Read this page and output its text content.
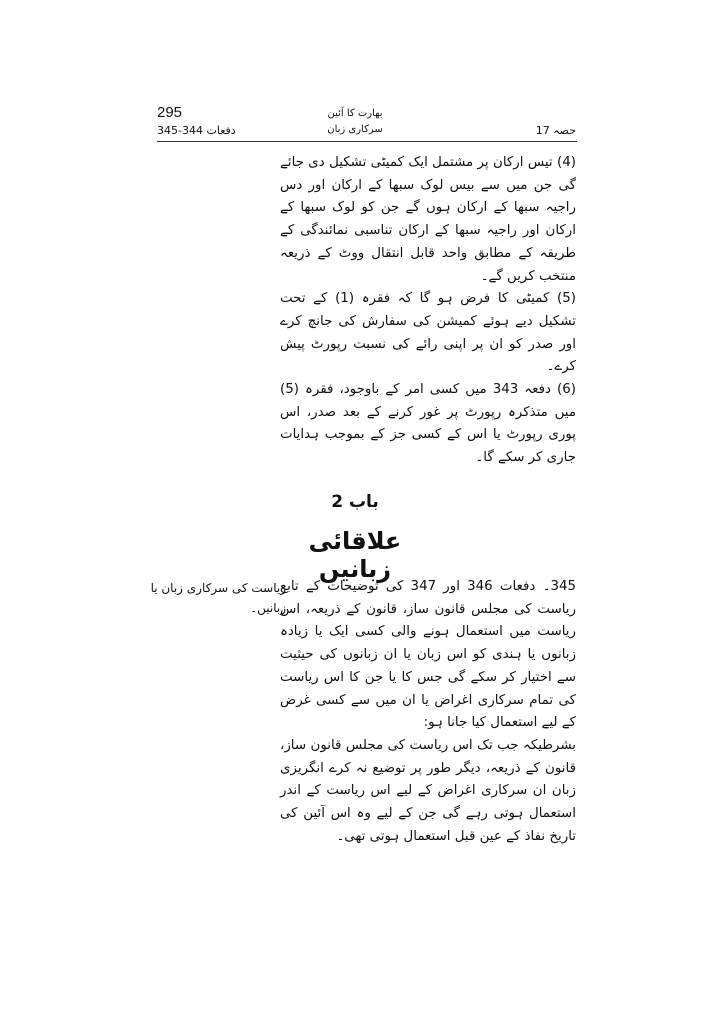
295	بھارت کا آئین
سرکاری زبان	حصہ 17
دفعات 344-345

(4) تیس ارکان پر مشتمل ایک کمیٹی تشکیل دی جائے گی جن میں سے بیس لوک سبھا کے ارکان اور دس راجیہ سبھا کے ارکان ہوں گے جن کو لوک سبھا کے ارکان اور راجیہ سبھا کے ارکان تناسبی نمائندگی کے طریقہ کے مطابق واحد قابل انتقال ووٹ کے ذریعہ منتخب کریں گے۔

(5) کمیٹی کا فرض ہو گا کہ فقرہ (1) کے تحت تشکیل دیے ہوئے کمیشن کی سفارش کی جانچ کرے اور صدر کو ان پر اپنی رائے کی نسبت رپورٹ پیش کرے۔

(6) دفعہ 343 میں کسی امر کے باوجود، فقرہ (5) میں متذکرہ رپورٹ پر غور کرنے کے بعد صدر، اس پوری رپورٹ یا اس کے کسی جز کے بموجب ہدایات جاری کر سکے گا۔

باب 2
علاقائی زبانیں
ریاست کی سرکاری زبان یا زبانیں۔

345۔ دفعات 346 اور 347 کی توضیحات کے تابع ریاست کی مجلس قانون ساز، قانون کے ذریعہ، اس ریاست میں استعمال ہونے والی کسی ایک یا زیادہ زبانوں یا ہندی کو اس زبان یا ان زبانوں کی حیثیت سے اختیار کر سکے گی جس کا یا جن کا اس ریاست کی تمام سرکاری اغراض یا ان میں سے کسی غرض کے لیے استعمال کیا جانا ہو:

بشرطیکہ جب تک اس ریاست کی مجلس قانون ساز، قانون کے ذریعہ، دیگر طور پر توضیع نہ کرے انگریزی زبان ان سرکاری اغراض کے لیے اس ریاست کے اندر استعمال ہوتی رہے گی جن کے لیے وہ اس آئین کی تاریخ نفاذ کے عین قبل استعمال ہوتی تھی۔
